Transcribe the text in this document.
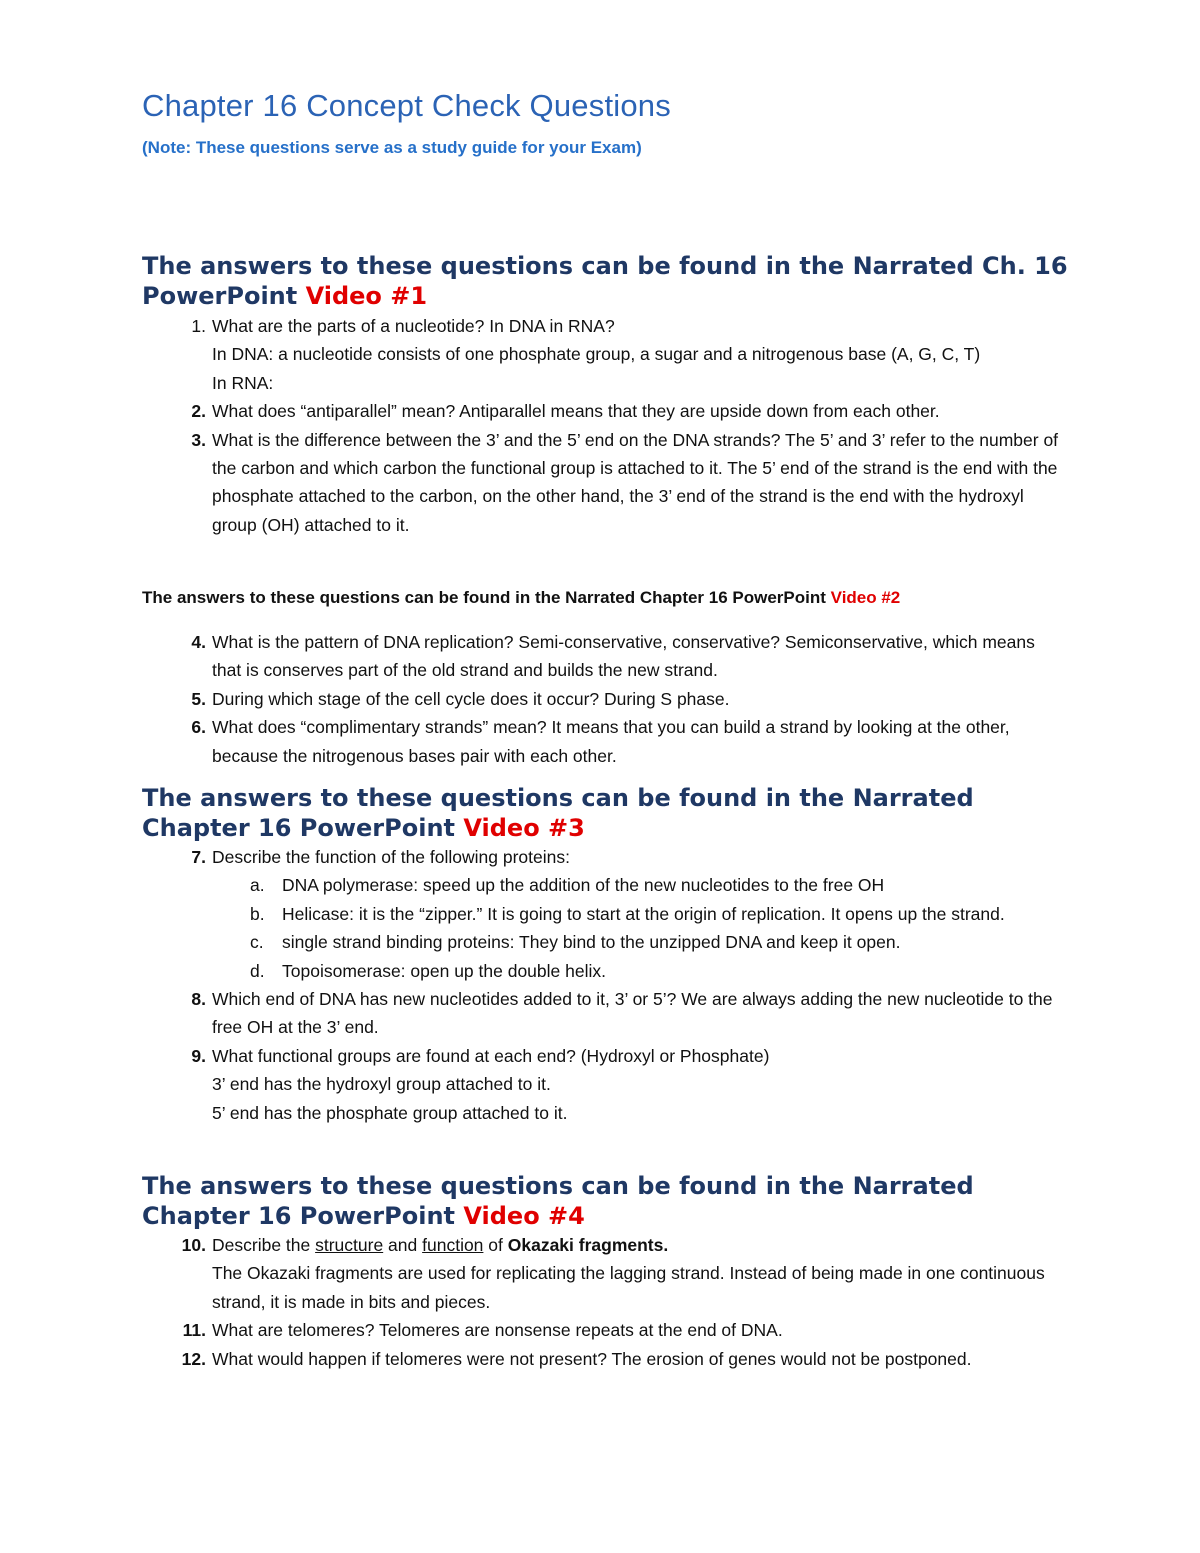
Chapter 16 Concept Check Questions

(Note: These questions serve as a study guide for your Exam)

The answers to these questions can be found in the Narrated Ch. 16 PowerPoint Video #1
1. What are the parts of a nucleotide? In DNA in RNA?
In DNA: a nucleotide consists of one phosphate group, a sugar and a nitrogenous base (A, G, C, T)
In RNA:
2. What does “antiparallel” mean? Antiparallel means that they are upside down from each other.
3. What is the difference between the 3’ and the 5’ end on the DNA strands? The 5’ and 3’ refer to the number of the carbon and which carbon the functional group is attached to it. The 5’ end of the strand is the end with the phosphate attached to the carbon, on the other hand, the 3’ end of the strand is the end with the hydroxyl group (OH) attached to it.
The answers to these questions can be found in the Narrated Chapter 16 PowerPoint Video #2
4. What is the pattern of DNA replication? Semi-conservative, conservative? Semiconservative, which means that is conserves part of the old strand and builds the new strand.
5. During which stage of the cell cycle does it occur? During S phase.
6. What does “complimentary strands” mean? It means that you can build a strand by looking at the other, because the nitrogenous bases pair with each other.
The answers to these questions can be found in the Narrated Chapter 16 PowerPoint Video #3
7. Describe the function of the following proteins:
a. DNA polymerase: speed up the addition of the new nucleotides to the free OH
b. Helicase: it is the “zipper.” It is going to start at the origin of replication. It opens up the strand.
c.	single strand binding proteins: They bind to the unzipped DNA and keep it open.
d. Topoisomerase: open up the double helix.
8. Which end of DNA has new nucleotides added to it, 3’ or 5’? We are always adding the new nucleotide to the free OH at the 3’ end.
9. What functional groups are found at each end? (Hydroxyl or Phosphate)
3’ end has the hydroxyl group attached to it.
5’ end has the phosphate group attached to it.
The answers to these questions can be found in the Narrated Chapter 16 PowerPoint Video #4
10. Describe the structure and function of Okazaki fragments.
The Okazaki fragments are used for replicating the lagging strand. Instead of being made in one continuous strand, it is made in bits and pieces.
11. What are telomeres? Telomeres are nonsense repeats at the end of DNA.
12. What would happen if telomeres were not present? The erosion of genes would not be postponed.
